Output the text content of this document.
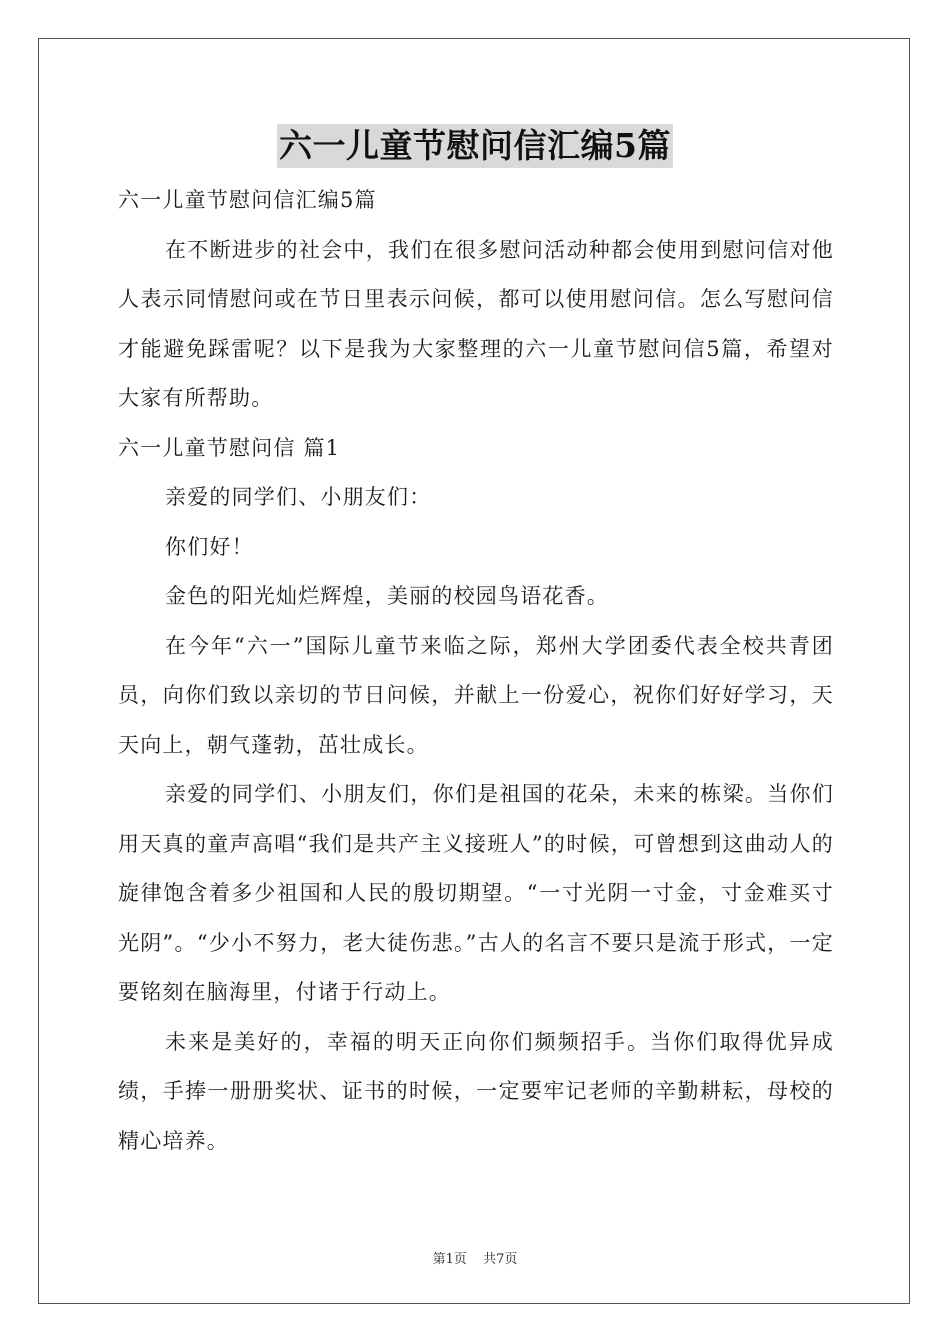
六一儿童节慰问信汇编5篇

六一儿童节慰问信汇编5篇

在不断进步的社会中，我们在很多慰问活动种都会使用到慰问信对他人表示同情慰问或在节日里表示问候，都可以使用慰问信。怎么写慰问信才能避免踩雷呢？以下是我为大家整理的六一儿童节慰问信5篇，希望对大家有所帮助。

六一儿童节慰问信 篇1

亲爱的同学们、小朋友们：

你们好！

金色的阳光灿烂辉煌，美丽的校园鸟语花香。

在今年“六一”国际儿童节来临之际，郑州大学团委代表全校共青团员，向你们致以亲切的节日问候，并献上一份爱心，祝你们好好学习，天天向上，朝气蓬勃，茁壮成长。

亲爱的同学们、小朋友们，你们是祖国的花朵，未来的栋梁。当你们用天真的童声高唱“我们是共产主义接班人”的时候，可曾想到这曲动人的旋律饱含着多少祖国和人民的殷切期望。“一寸光阴一寸金，寸金难买寸光阴”。“少小不努力，老大徒伤悲。”古人的名言不要只是流于形式，一定要铭刻在脑海里，付诸于行动上。

未来是美好的，幸福的明天正向你们频频招手。当你们取得优异成绩，手捧一册册奖状、证书的时候，一定要牢记老师的辛勤耕耘，母校的精心培养。

第1页 共7页
